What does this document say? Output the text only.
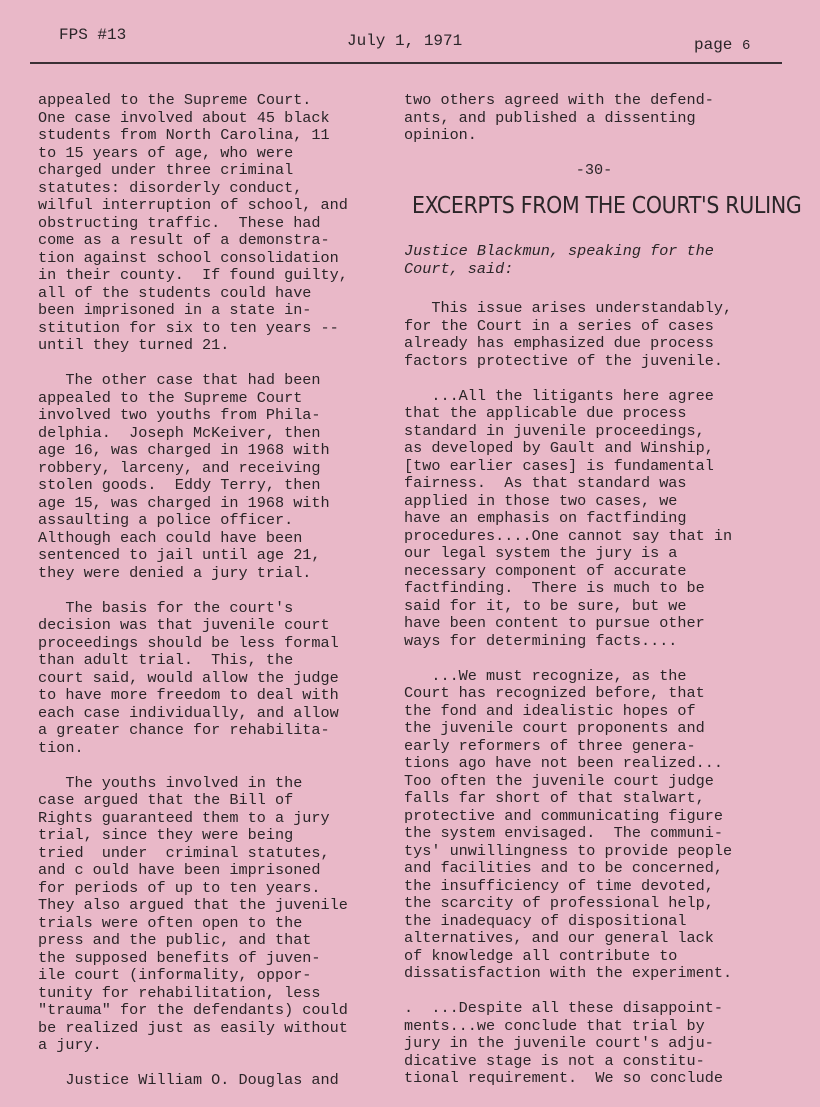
FPS #13	July 1, 1971	page 6
appealed to the Supreme Court.
One case involved about 45 black
students from North Carolina, 11
to 15 years of age, who were
charged under three criminal
statutes: disorderly conduct,
wilful interruption of school, and
obstructing traffic.  These had
come as a result of a demonstra-
tion against school consolidation
in their county.  If found guilty,
all of the students could have
been imprisoned in a state in-
stitution for six to ten years --
until they turned 21.
The other case that had been
appealed to the Supreme Court
involved two youths from Phila-
delphia.  Joseph McKeiver, then
age 16, was charged in 1968 with
robbery, larceny, and receiving
stolen goods.  Eddy Terry, then
age 15, was charged in 1968 with
assaulting a police officer.
Although each could have been
sentenced to jail until age 21,
they were denied a jury trial.
The basis for the court's
decision was that juvenile court
proceedings should be less formal
than adult trial.  This, the
court said, would allow the judge
to have more freedom to deal with
each case individually, and allow
a greater chance for rehabilita-
tion.
The youths involved in the
case argued that the Bill of
Rights guaranteed them to a jury
trial, since they were being
tried  under  criminal statutes,
and c ould have been imprisoned
for periods of up to ten years.
They also argued that the juvenile
trials were often open to the
press and the public, and that
the supposed benefits of juven-
ile court (informality, oppor-
tunity for rehabilitation, less
"trauma" for the defendants) could
be realized just as easily without
a jury.
Justice William O. Douglas and
two others agreed with the defend-
ants, and published a dissenting
opinion.
-30-
EXCERPTS FROM THE COURT'S RULING
Justice Blackmun, speaking for the
Court, said:
This issue arises understandably,
for the Court in a series of cases
already has emphasized due process
factors protective of the juvenile.
...All the litigants here agree
that the applicable due process
standard in juvenile proceedings,
as developed by Gault and Winship,
[two earlier cases] is fundamental
fairness.  As that standard was
applied in those two cases, we
have an emphasis on factfinding
procedures....One cannot say that in
our legal system the jury is a
necessary component of accurate
factfinding.  There is much to be
said for it, to be sure, but we
have been content to pursue other
ways for determining facts....
...We must recognize, as the
Court has recognized before, that
the fond and idealistic hopes of
the juvenile court proponents and
early reformers of three genera-
tions ago have not been realized...
Too often the juvenile court judge
falls far short of that stalwart,
protective and communicating figure
the system envisaged.  The communi-
tys' unwillingness to provide people
and facilities and to be concerned,
the insufficiency of time devoted,
the scarcity of professional help,
the inadequacy of dispositional
alternatives, and our general lack
of knowledge all contribute to
dissatisfaction with the experiment.
.  ...Despite all these disappoint-
ments...we conclude that trial by
jury in the juvenile court's adju-
dicative stage is not a constitu-
tional requirement.  We so conclude
